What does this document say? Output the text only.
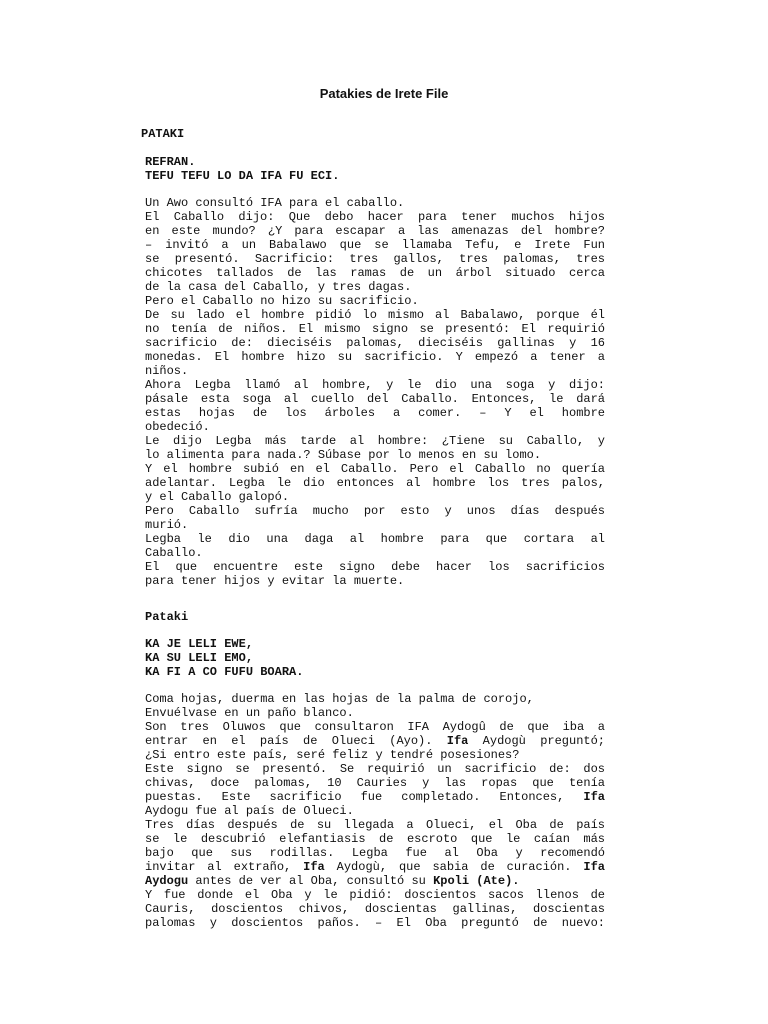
Patakies de Irete File
PATAKI
REFRAN.
TEFU TEFU LO DA IFA FU ECI.
Un Awo consultó IFA para el caballo.
El Caballo dijo: Que debo hacer para tener muchos hijos
en este mundo? ¿Y para escapar a las amenazas del hombre?
– invitó a un Babalawo que se llamaba Tefu, e Irete Fun
se presentó. Sacrificio: tres gallos, tres palomas, tres
chicotes tallados de las ramas de un árbol situado cerca
de la casa del Caballo, y tres dagas.
Pero el Caballo no hizo su sacrificio.
De su lado el hombre pidió lo mismo al Babalawo, porque él
no tenía de niños. El mismo signo se presentó: El requirió
sacrificio de: dieciséis palomas, dieciséis gallinas y 16
monedas. El hombre hizo su sacrificio. Y empezó a tener a
niños.
Ahora Legba llamó al hombre, y le dio una soga y dijo:
pásale esta soga al cuello del Caballo. Entonces, le dará
estas hojas de los árboles a comer. – Y el hombre
obedeció.
Le dijo Legba más tarde al hombre: ¿Tiene su Caballo, y
lo alimenta para nada.? Súbase por lo menos en su lomo.
Y el hombre subió en el Caballo. Pero el Caballo no quería
adelantar. Legba le dio entonces al hombre los tres palos,
y el Caballo galopó.
Pero Caballo sufría mucho por esto y unos días después
murió.
Legba le dio una daga al hombre para que cortara al
Caballo.
El que encuentre este signo debe hacer los sacrificios
para tener hijos y evitar la muerte.
Pataki
KA JE LELI EWE,
KA SU LELI EMO,
KA FI A CO FUFU BOARA.
Coma hojas, duerma en las hojas de la palma de corojo,
Envuélvase en un paño blanco.
Son tres Oluwos que consultaron IFA Aydogû de que iba a
entrar en el país de Olueci (Ayo). Ifa Aydogù preguntó;
¿Si entro este país, seré feliz y tendré posesiones?
Este signo se presentó. Se requirió un sacrificio de: dos
chivas, doce palomas, 10 Cauries y las ropas que tenía
puestas. Este sacrificio fue completado. Entonces, Ifa
Aydogu fue al país de Olueci.
Tres días después de su llegada a Olueci, el Oba de país
se le descubrió elefantiasis de escroto que le caían más
bajo que sus rodillas. Legba fue al Oba y recomendó
invitar al extraño, Ifa Aydogù, que sabia de curación. Ifa
Aydogu antes de ver al Oba, consultó su Kpoli (Ate).
Y fue donde el Oba y le pidió: doscientos sacos llenos de
Cauris, doscientos chivos, doscientas gallinas, doscientas
palomas y doscientos paños. – El Oba preguntó de nuevo:
